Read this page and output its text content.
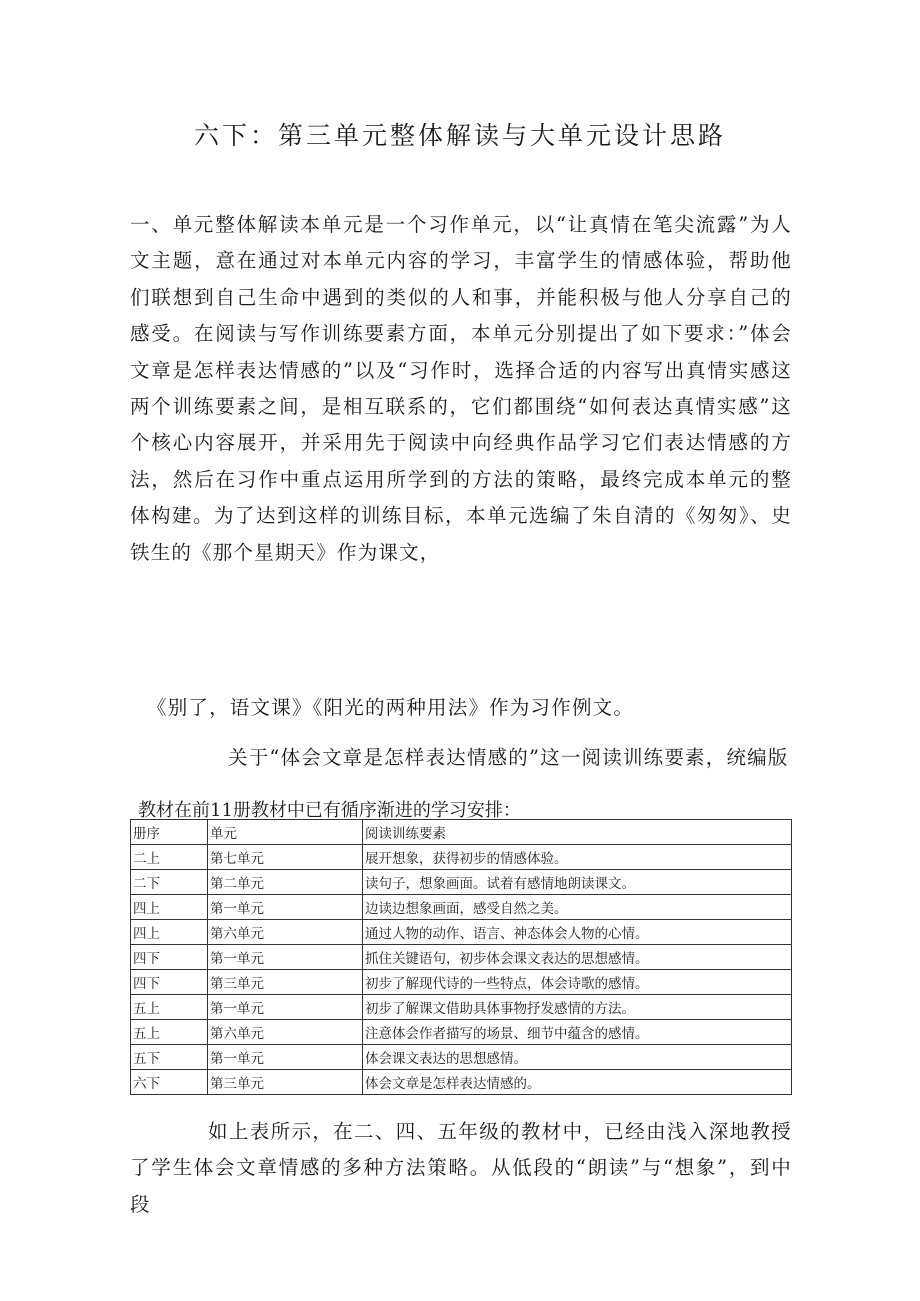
六下：第三单元整体解读与大单元设计思路
一、单元整体解读本单元是一个习作单元，以“让真情在笔尖流露”为人文主题，意在通过对本单元内容的学习，丰富学生的情感体验，帮助他们联想到自己生命中遇到的类似的人和事，并能积极与他人分享自己的感受。在阅读与写作训练要素方面，本单元分别提出了如下要求：”体会文章是怎样表达情感的”以及“习作时，选择合适的内容写出真情实感这两个训练要素之间，是相互联系的，它们都围绕“如何表达真情实感”这个核心内容展开，并采用先于阅读中向经典作品学习它们表达情感的方法，然后在习作中重点运用所学到的方法的策略，最终完成本单元的整体构建。为了达到这样的训练目标，本单元选编了朱自清的《匆匆》、史铁生的《那个星期天》作为课文，
《别了，语文课》《阳光的两种用法》作为习作例文。
关于“体会文章是怎样表达情感的”这一阅读训练要素，统编版
教材在前11册教材中已有循序渐进的学习安排：
册序	单元	阅读训练要素
二上	第七单元	展开想象，获得初步的情感体验。
二下	第二单元	读句子，想象画面。试着有感情地朗读课文。
四上	第一单元	边读边想象画面，感受自然之美。
四上	第六单元	通过人物的动作、语言、神态体会人物的心情。
四下	第一单元	抓住关键语句，初步体会课文表达的思想感情。
四下	第三单元	初步了解现代诗的一些特点，体会诗歌的感情。
五上	第一单元	初步了解课文借助具体事物抒发感情的方法。
五上	第六单元	注意体会作者描写的场景、细节中蕴含的感情。
五下	第一单元	体会课文表达的思想感情。
六下	第三单元	体会文章是怎样表达情感的。
如上表所示，在二、四、五年级的教材中，已经由浅入深地教授了学生体会文章情感的多种方法策略。从低段的“朗读”与“想象”，到中段
